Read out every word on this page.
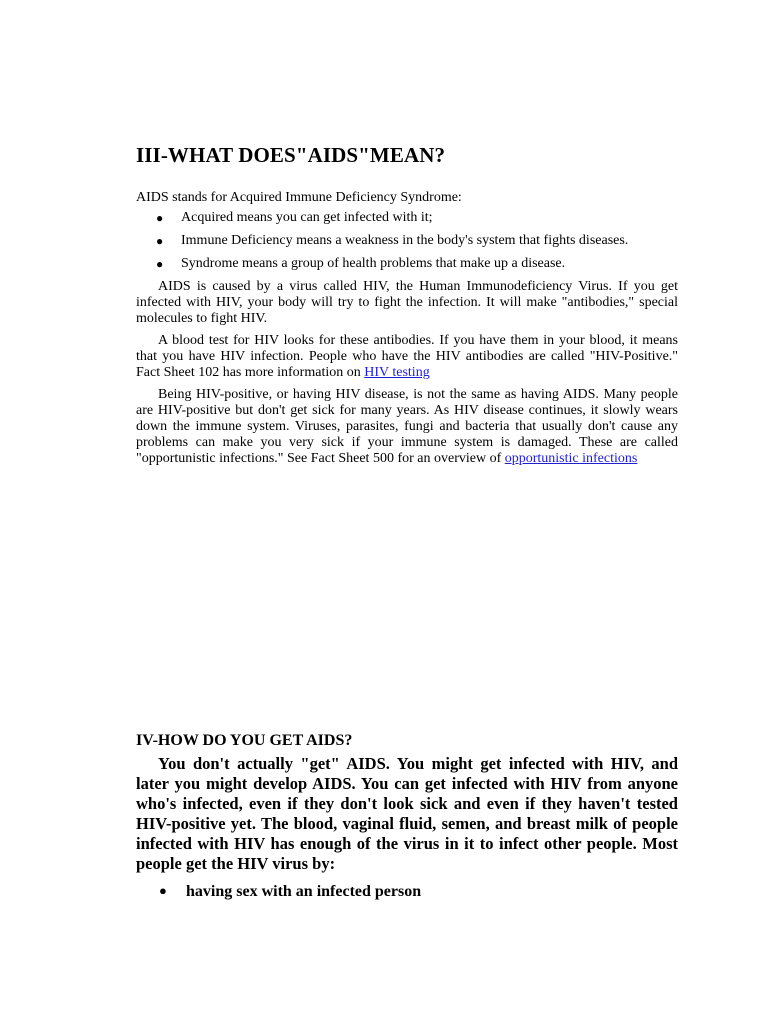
III-WHAT DOES"AIDS"MEAN?

AIDS stands for Acquired Immune Deficiency Syndrome:

● Acquired means you can get infected with it;
● Immune Deficiency means a weakness in the body's system that fights diseases.
● Syndrome means a group of health problems that make up a disease.

AIDS is caused by a virus called HIV, the Human Immunodeficiency Virus. If you get infected with HIV, your body will try to fight the infection. It will make "antibodies," special molecules to fight HIV.

A blood test for HIV looks for these antibodies. If you have them in your blood, it means that you have HIV infection. People who have the HIV antibodies are called "HIV-Positive." Fact Sheet 102 has more information on HIV testing

Being HIV-positive, or having HIV disease, is not the same as having AIDS. Many people are HIV-positive but don't get sick for many years. As HIV disease continues, it slowly wears down the immune system. Viruses, parasites, fungi and bacteria that usually don't cause any problems can make you very sick if your immune system is damaged. These are called "opportunistic infections." See Fact Sheet 500 for an overview of opportunistic infections

IV-HOW DO YOU GET AIDS?

You don't actually "get" AIDS. You might get infected with HIV, and later you might develop AIDS. You can get infected with HIV from anyone who's infected, even if they don't look sick and even if they haven't tested HIV-positive yet. The blood, vaginal fluid, semen, and breast milk of people infected with HIV has enough of the virus in it to infect other people. Most people get the HIV virus by:

● having sex with an infected person
